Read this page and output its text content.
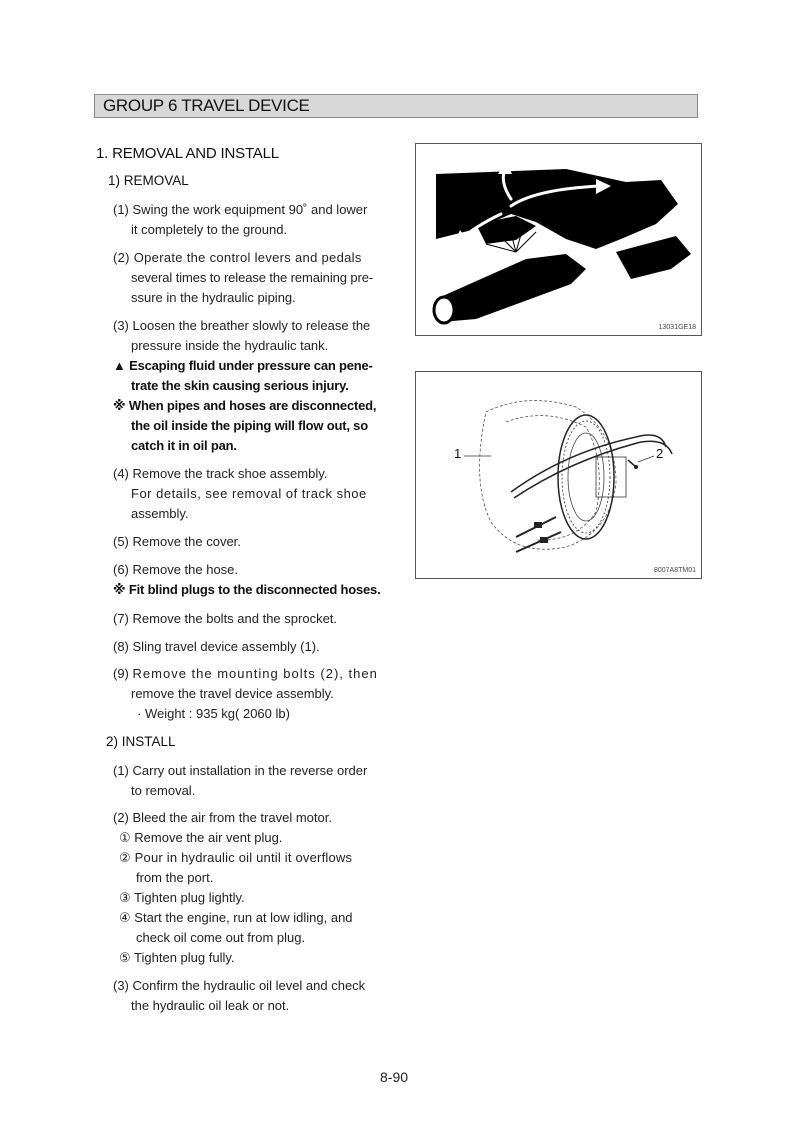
GROUP 6 TRAVEL DEVICE
1. REMOVAL AND INSTALL
1) REMOVAL
(1) Swing the work equipment 90˚ and lower
it completely to the ground.
(2) Operate the control levers and pedals
several times to release the remaining pre-
ssure in the hydraulic piping.
(3) Loosen the breather slowly to release the
pressure inside the hydraulic tank.
▲ Escaping fluid under pressure can pene-
trate the skin causing serious injury.
※ When pipes and hoses are disconnected,
the oil inside the piping will flow out, so
catch it in oil pan.
(4) Remove the track shoe assembly.
For details, see removal of track shoe
assembly.
(5) Remove the cover.
(6) Remove the hose.
※ Fit blind plugs to the disconnected hoses.
(7) Remove the bolts and the sprocket.
(8) Sling travel device assembly (1).
(9) Remove the mounting bolts (2), then
remove the travel device assembly.
· Weight : 935 kg( 2060 lb)
2) INSTALL
(1) Carry out installation in the reverse order
to removal.
(2) Bleed the air from the travel motor.
① Remove the air vent plug.
② Pour in hydraulic oil until it overflows
from the port.
③ Tighten plug lightly.
④ Start the engine, run at low idling, and
check oil come out from plug.
⑤ Tighten plug fully.
(3) Confirm the hydraulic oil level and check
the hydraulic oil leak or not.
13031GE18
1	2
8007A8TM01
8-90
